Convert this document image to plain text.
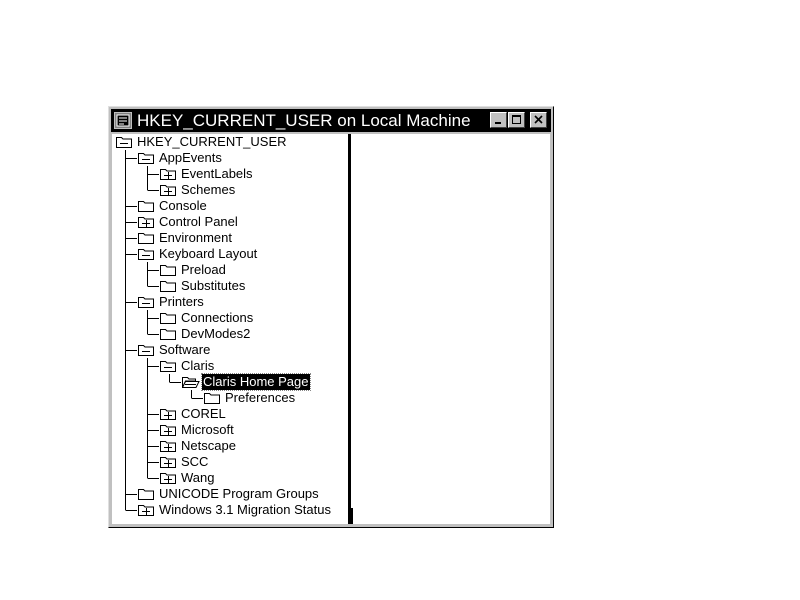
HKEY_CURRENT_USER on Local Machine
HKEY_CURRENT_USER
AppEvents
EventLabels
Schemes
Console
Control Panel
Environment
Keyboard Layout
Preload
Substitutes
Printers
Connections
DevModes2
Software
Claris
Claris Home Page
Preferences
COREL
Microsoft
Netscape
SCC
Wang
UNICODE Program Groups
Windows 3.1 Migration Status
